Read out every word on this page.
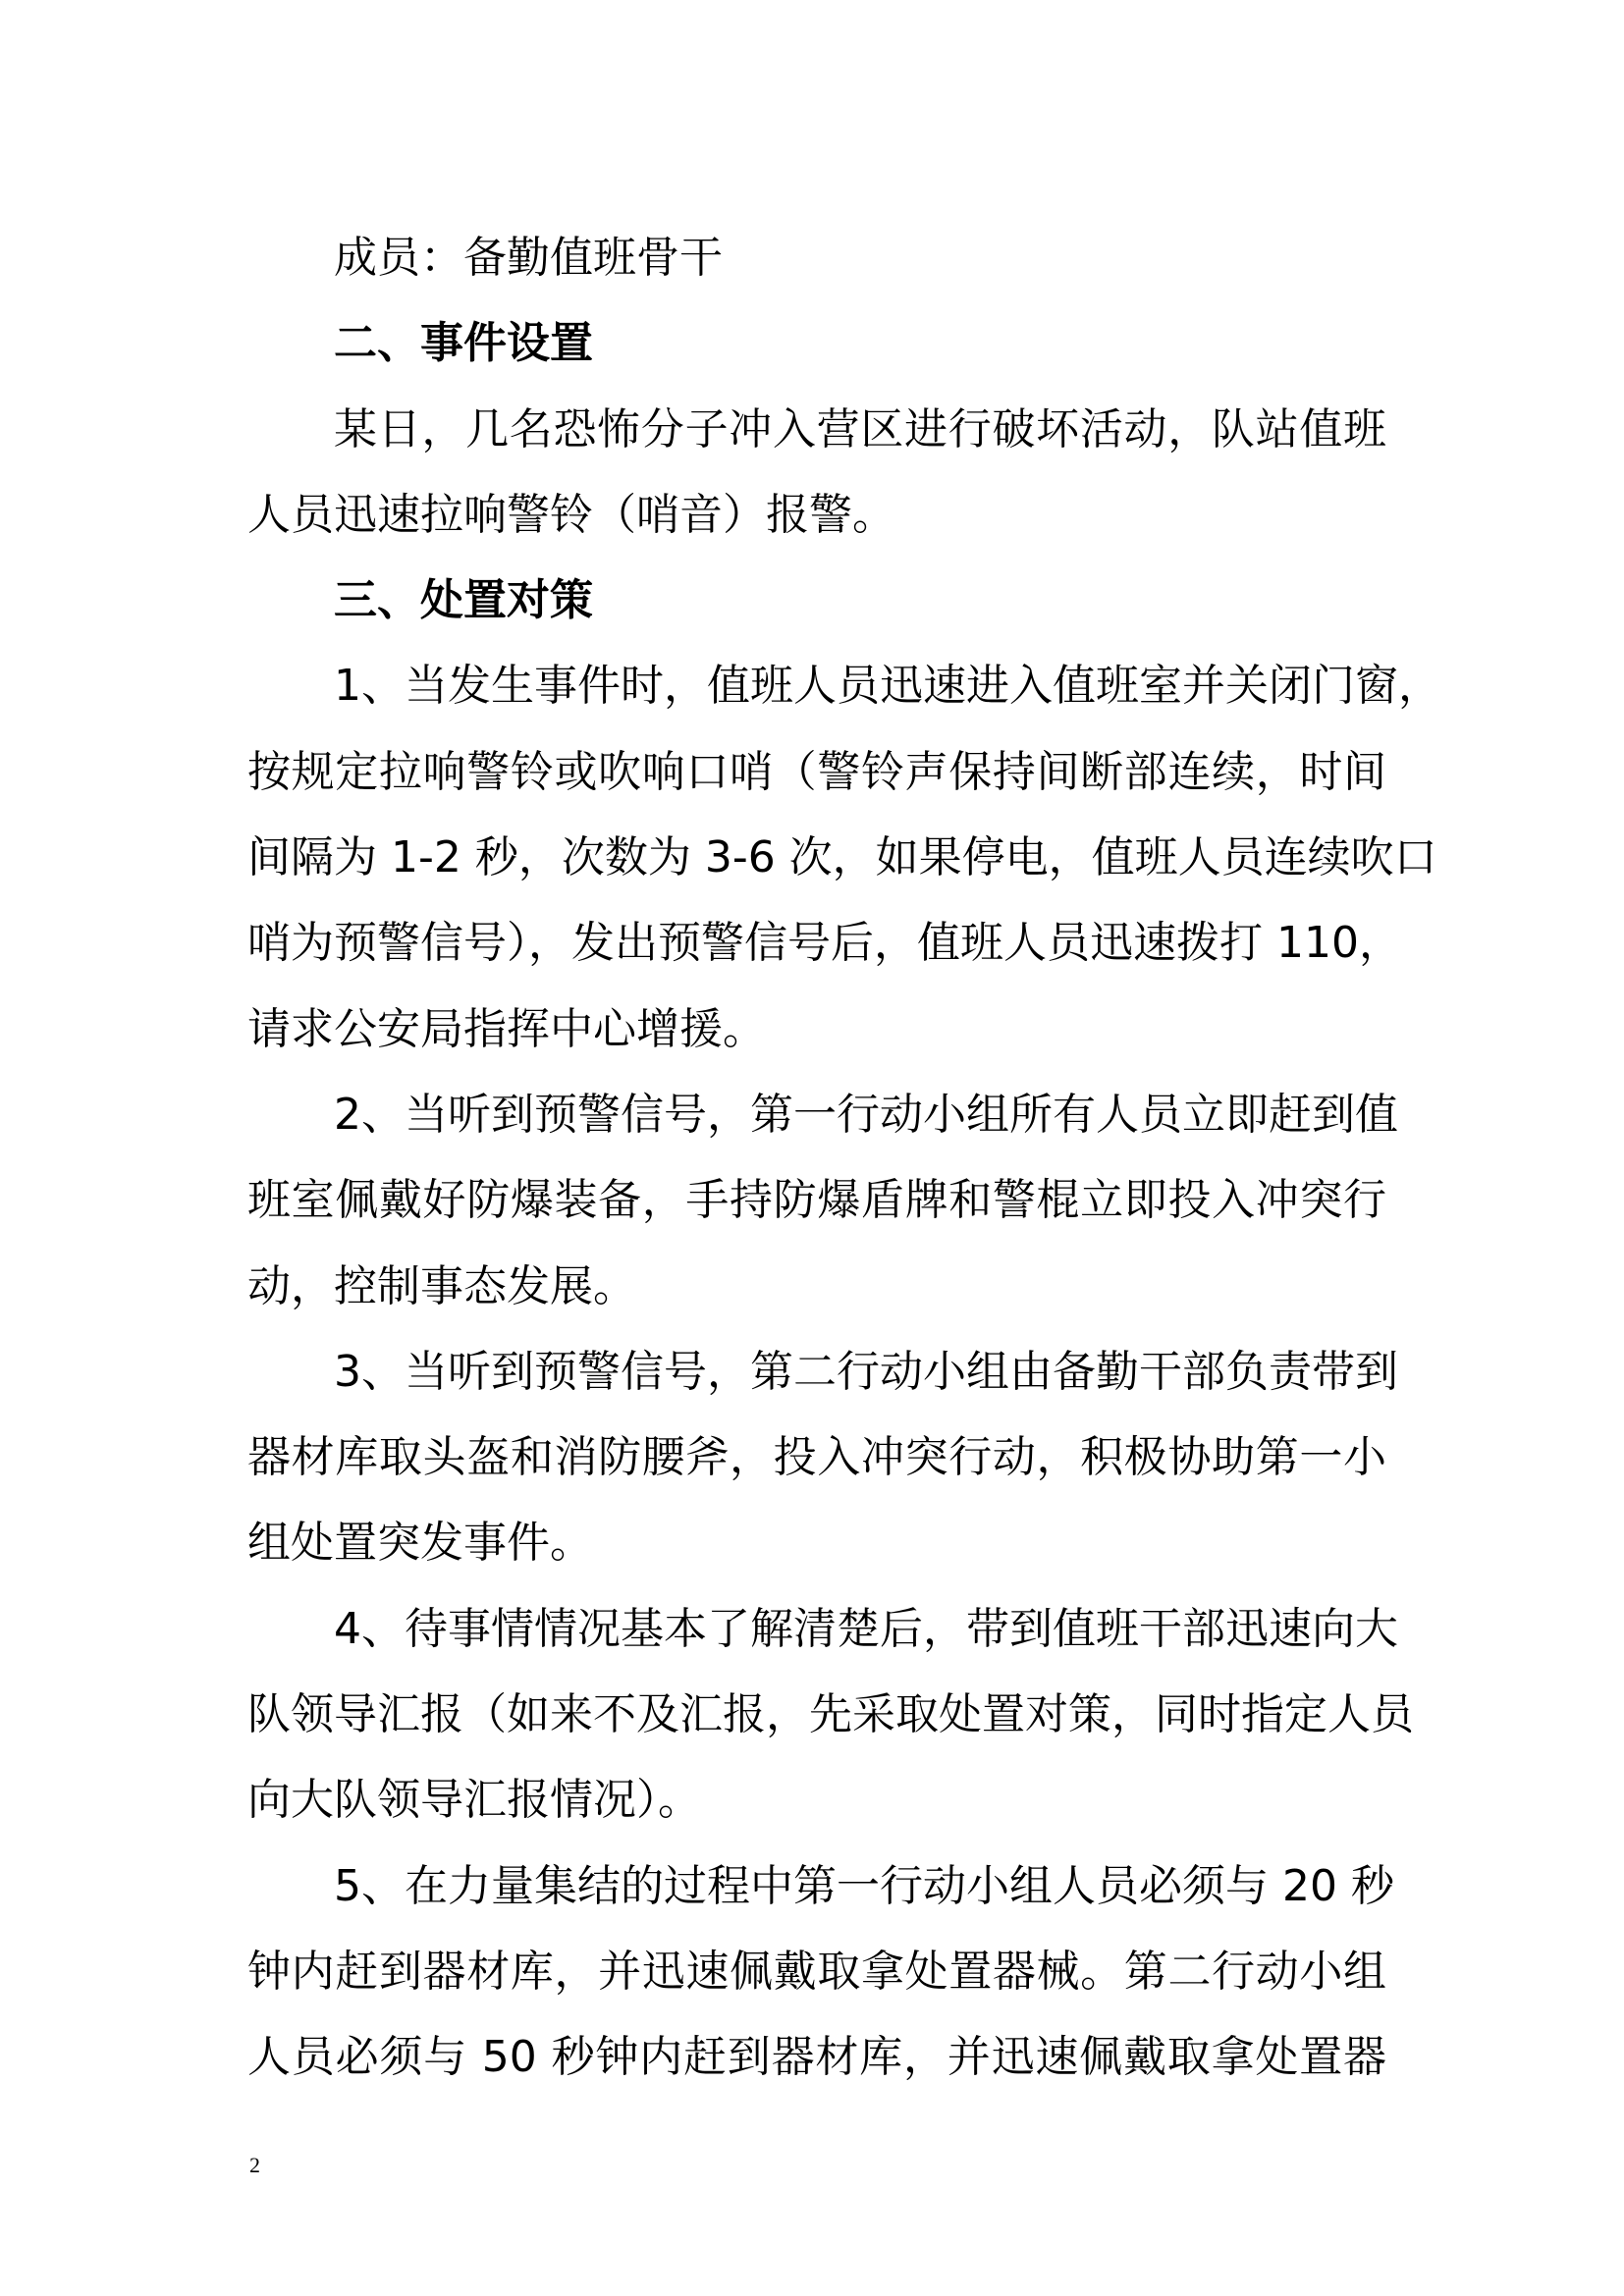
成员：备勤值班骨干
二、事件设置
某日，几名恐怖分子冲入营区进行破坏活动，队站值班
人员迅速拉响警铃（哨音）报警。
三、处置对策
1、当发生事件时，值班人员迅速进入值班室并关闭门窗，
按规定拉响警铃或吹响口哨（警铃声保持间断部连续，时间
间隔为 1-2 秒，次数为 3-6 次，如果停电，值班人员连续吹口
哨为预警信号），发出预警信号后，值班人员迅速拨打 110，
请求公安局指挥中心增援。
2、当听到预警信号，第一行动小组所有人员立即赶到值
班室佩戴好防爆装备，手持防爆盾牌和警棍立即投入冲突行
动，控制事态发展。
3、当听到预警信号，第二行动小组由备勤干部负责带到
器材库取头盔和消防腰斧，投入冲突行动，积极协助第一小
组处置突发事件。
4、待事情情况基本了解清楚后，带到值班干部迅速向大
队领导汇报（如来不及汇报，先采取处置对策，同时指定人员
向大队领导汇报情况）。
5、在力量集结的过程中第一行动小组人员必须与 20 秒
钟内赶到器材库，并迅速佩戴取拿处置器械。第二行动小组
人员必须与 50 秒钟内赶到器材库，并迅速佩戴取拿处置器
2
